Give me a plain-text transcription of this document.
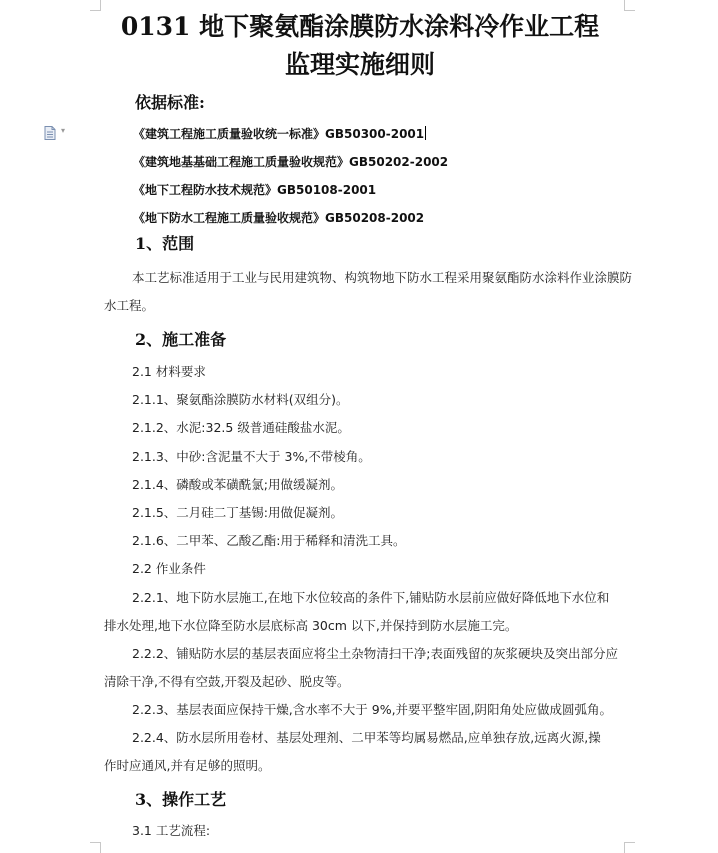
0131 地下聚氨酯涂膜防水涂料冷作业工程
监理实施细则
依据标准:
▾	《建筑工程施工质量验收统一标准》GB50300-2001
《建筑地基基础工程施工质量验收规范》GB50202-2002
《地下工程防水技术规范》GB50108-2001
《地下防水工程施工质量验收规范》GB50208-2002
1、范围
本工艺标准适用于工业与民用建筑物、构筑物地下防水工程采用聚氨酯防水涂料作业涂膜防
水工程。
2、施工准备
2.1 材料要求
2.1.1、聚氨酯涂膜防水材料(双组分)。
2.1.2、水泥:32.5 级普通硅酸盐水泥。
2.1.3、中砂:含泥量不大于 3%,不带棱角。
2.1.4、磷酸或苯磺酰氯;用做缓凝剂。
2.1.5、二月硅二丁基锡:用做促凝剂。
2.1.6、二甲苯、乙酸乙酯:用于稀释和清洗工具。
2.2 作业条件
2.2.1、地下防水层施工,在地下水位较高的条件下,铺贴防水层前应做好降低地下水位和
排水处理,地下水位降至防水层底标高 30cm 以下,并保持到防水层施工完。
2.2.2、铺贴防水层的基层表面应将尘土杂物清扫干净;表面残留的灰浆硬块及突出部分应
清除干净,不得有空鼓,开裂及起砂、脱皮等。
2.2.3、基层表面应保持干燥,含水率不大于 9%,并要平整牢固,阴阳角处应做成圆弧角。
2.2.4、防水层所用卷材、基层处理剂、二甲苯等均属易燃品,应单独存放,远离火源,操
作时应通风,并有足够的照明。
3、操作工艺
3.1 工艺流程:
